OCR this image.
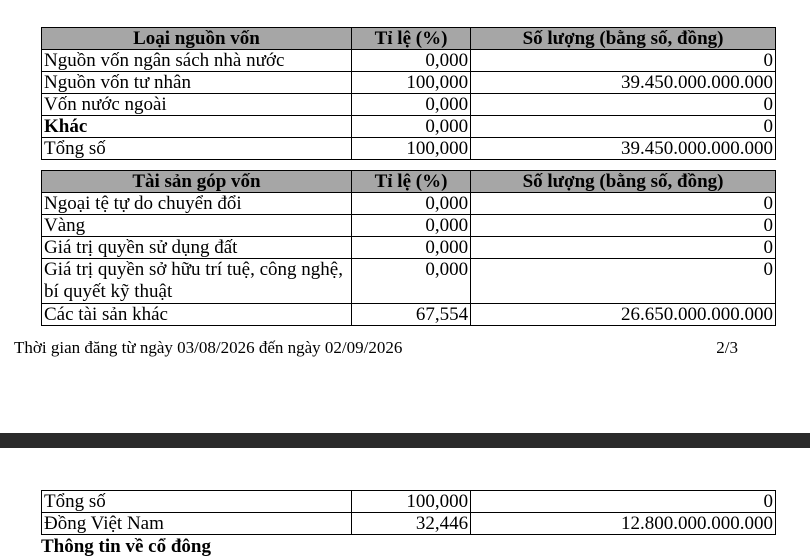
Loại nguồn vốn	Tỉ lệ (%)	Số lượng (bằng số, đồng)
Nguồn vốn ngân sách nhà nước	0,000	0
Nguồn vốn tư nhân	100,000	39.450.000.000.000
Vốn nước ngoài	0,000	0
Khác	0,000	0
Tổng số	100,000	39.450.000.000.000
Tài sản góp vốn	Tỉ lệ (%)	Số lượng (bằng số, đồng)
Ngoại tệ tự do chuyển đổi	0,000	0
Vàng	0,000	0
Giá trị quyền sử dụng đất	0,000	0
Giá trị quyền sở hữu trí tuệ, công nghệ, bí quyết kỹ thuật	0,000	0
Các tài sản khác	67,554	26.650.000.000.000
Thời gian đăng từ ngày 03/08/2026 đến ngày 02/09/2026	2/3
Tổng số	100,000	0
Đồng Việt Nam	32,446	12.800.000.000.000
Thông tin về cổ đông
